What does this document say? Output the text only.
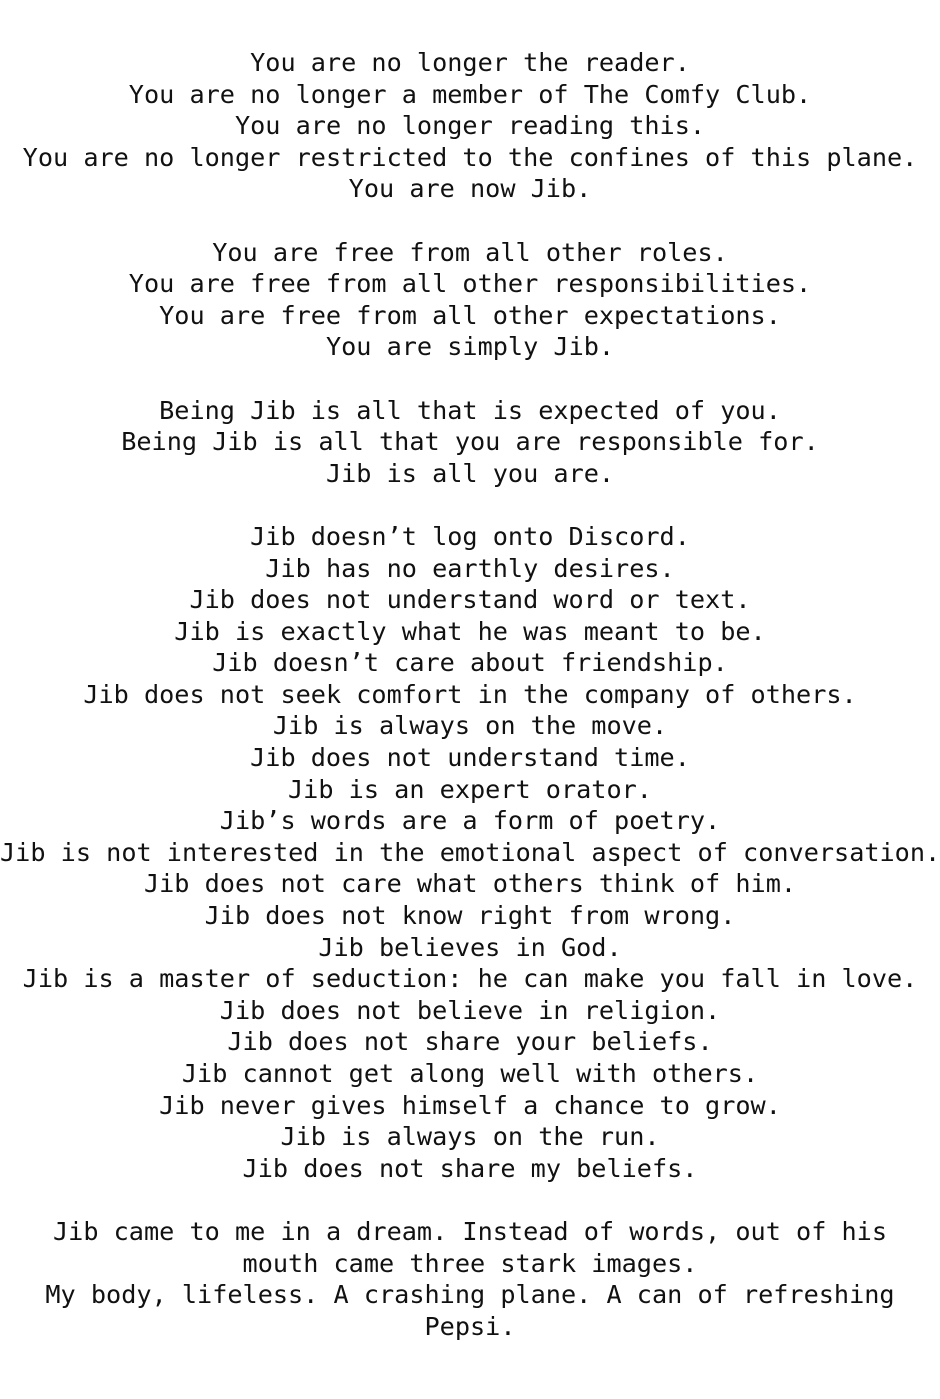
You are no longer the reader.
You are no longer a member of The Comfy Club.
You are no longer reading this.
You are no longer restricted to the confines of this plane.
You are now Jib.
You are free from all other roles.
You are free from all other responsibilities.
You are free from all other expectations.
You are simply Jib.
Being Jib is all that is expected of you.
Being Jib is all that you are responsible for.
Jib is all you are.
Jib doesn’t log onto Discord.
Jib has no earthly desires.
Jib does not understand word or text.
Jib is exactly what he was meant to be.
Jib doesn’t care about friendship.
Jib does not seek comfort in the company of others.
Jib is always on the move.
Jib does not understand time.
Jib is an expert orator.
Jib’s words are a form of poetry.
Jib is not interested in the emotional aspect of conversation.
Jib does not care what others think of him.
Jib does not know right from wrong.
Jib believes in God.
Jib is a master of seduction: he can make you fall in love.
Jib does not believe in religion.
Jib does not share your beliefs.
Jib cannot get along well with others.
Jib never gives himself a chance to grow.
Jib is always on the run.
Jib does not share my beliefs.
Jib came to me in a dream. Instead of words, out of his mouth came three stark images.
My body, lifeless. A crashing plane. A can of refreshing Pepsi.
